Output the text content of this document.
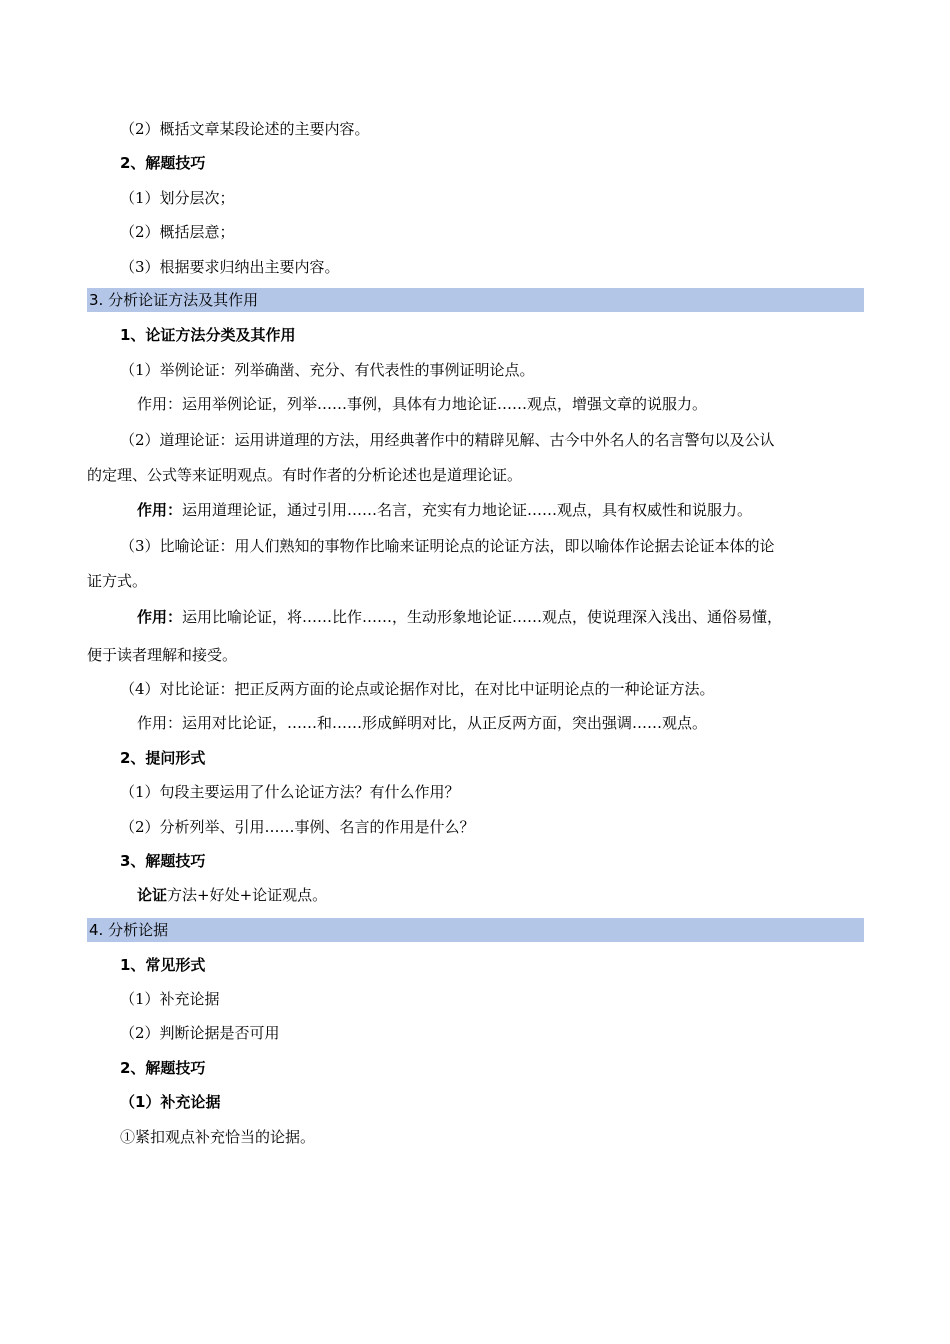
（2）概括文章某段论述的主要内容。
2、解题技巧
（1）划分层次；
（2）概括层意；
（3）根据要求归纳出主要内容。
3. 分析论证方法及其作用
1、论证方法分类及其作用
（1）举例论证：列举确凿、充分、有代表性的事例证明论点。
作用：运用举例论证，列举……事例，具体有力地论证……观点，增强文章的说服力。
（2）道理论证：运用讲道理的方法，用经典著作中的精辟见解、古今中外名人的名言警句以及公认
的定理、公式等来证明观点。有时作者的分析论述也是道理论证。
作用：运用道理论证，通过引用……名言，充实有力地论证……观点，具有权威性和说服力。
（3）比喻论证：用人们熟知的事物作比喻来证明论点的论证方法，即以喻体作论据去论证本体的论
证方式。
作用：运用比喻论证，将……比作……，生动形象地论证……观点，使说理深入浅出、通俗易懂，
便于读者理解和接受。
（4）对比论证：把正反两方面的论点或论据作对比，在对比中证明论点的一种论证方法。
作用：运用对比论证，……和……形成鲜明对比，从正反两方面，突出强调……观点。
2、提问形式
（1）句段主要运用了什么论证方法？有什么作用？
（2）分析列举、引用……事例、名言的作用是什么？
3、解题技巧
论证方法+好处+论证观点。
4. 分析论据
1、常见形式
（1）补充论据
（2）判断论据是否可用
2、解题技巧
（1）补充论据
①紧扣观点补充恰当的论据。
